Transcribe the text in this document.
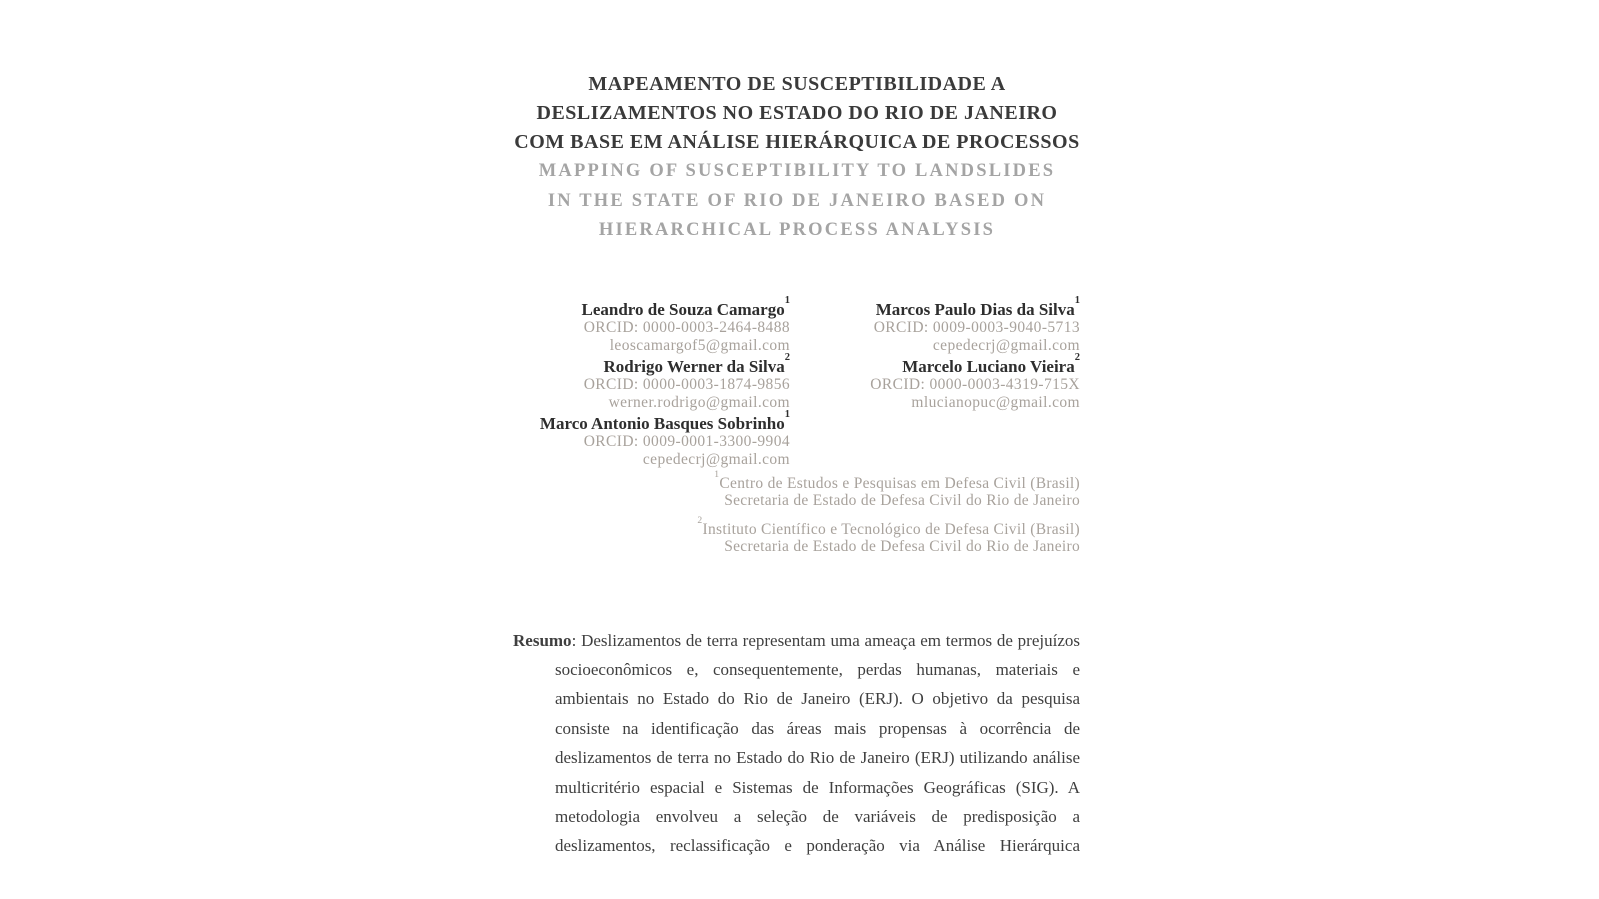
MAPEAMENTO DE SUSCEPTIBILIDADE A
DESLIZAMENTOS NO ESTADO DO RIO DE JANEIRO
COM BASE EM ANÁLISE HIERÁRQUICA DE PROCESSOS
MAPPING OF SUSCEPTIBILITY TO LANDSLIDES
IN THE STATE OF RIO DE JANEIRO BASED ON
HIERARCHICAL PROCESS ANALYSIS
Leandro de Souza Camargo$^1$
ORCID: 0000-0003-2464-8488
leoscamargof5@gmail.com
Rodrigo Werner da Silva$^2$
ORCID: 0000-0003-1874-9856
werner.rodrigo@gmail.com
Marco Antonio Basques Sobrinho$^1$
ORCID: 0009-0001-3300-9904
cepedecrj@gmail.com
Marcos Paulo Dias da Silva$^1$
ORCID: 0009-0003-9040-5713
cepedecrj@gmail.com
Marcelo Luciano Vieira$^2$
ORCID: 0000-0003-4319-715X
mlucianopuc@gmail.com
$^1$Centro de Estudos e Pesquisas em Defesa Civil (Brasil)
Secretaria de Estado de Defesa Civil do Rio de Janeiro
$^2$Instituto Científico e Tecnológico de Defesa Civil (Brasil)
Secretaria de Estado de Defesa Civil do Rio de Janeiro

Resumo: Deslizamentos de terra representam uma ameaça em termos de prejuízos socioeconômicos e, consequentemente, perdas humanas, materiais e ambientais no Estado do Rio de Janeiro (ERJ). O objetivo da pesquisa consiste na identificação das áreas mais propensas à ocorrência de deslizamentos de terra no Estado do Rio de Janeiro (ERJ) utilizando análise multicritério espacial e Sistemas de Informações Geográficas (SIG). A metodologia envolveu a seleção de variáveis de predisposição a deslizamentos, reclassificação e ponderação via Análise Hierárquica
